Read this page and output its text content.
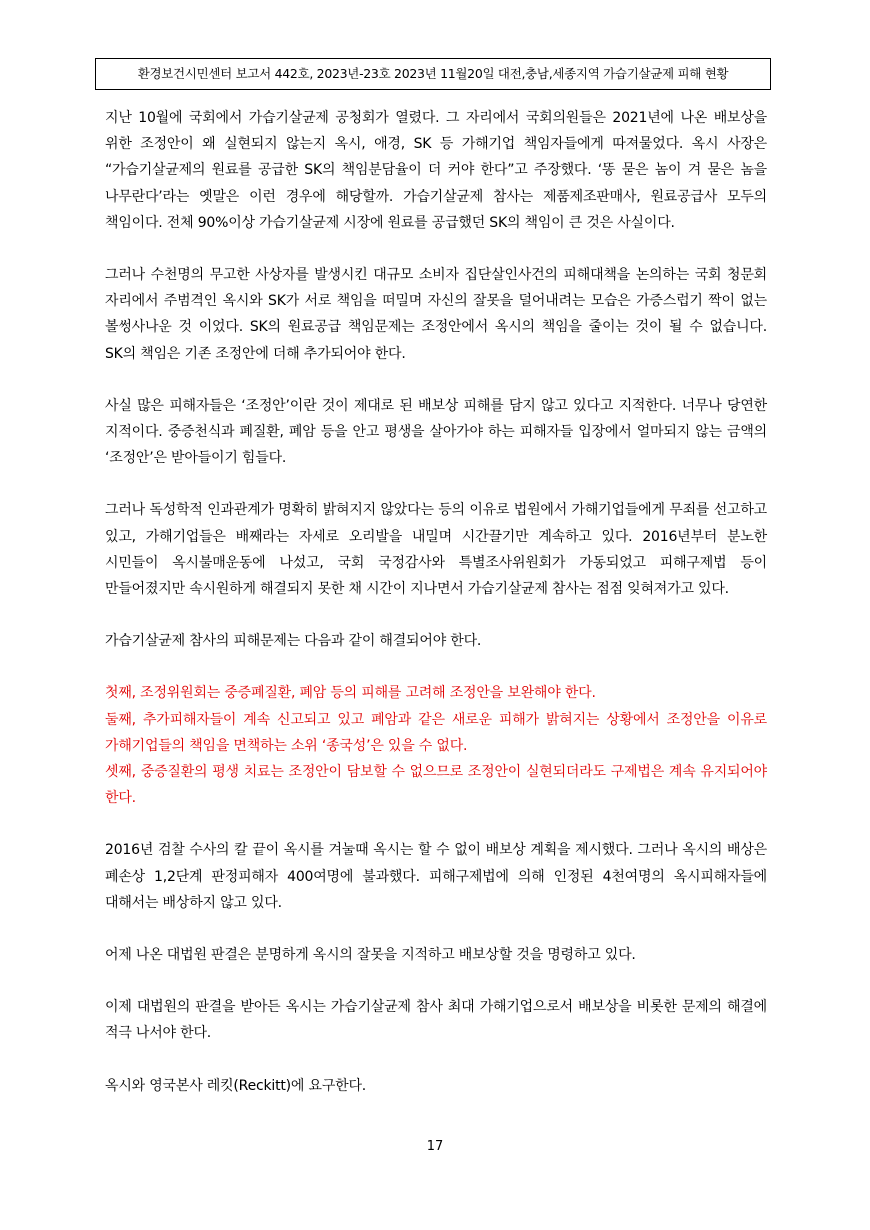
환경보건시민센터 보고서 442호, 2023년-23호 2023년 11월20일 대전,충남,세종지역 가습기살균제 피해 현황

지난 10월에 국회에서 가습기살균제 공청회가 열렸다. 그 자리에서 국회의원들은 2021년에 나온 배보상을 위한 조정안이 왜 실현되지 않는지 옥시, 애경, SK 등 가해기업 책임자들에게 따져물었다. 옥시 사장은 “가습기살균제의 원료를 공급한 SK의 책임분담율이 더 커야 한다”고 주장했다. ‘똥 묻은 놈이 겨 묻은 놈을 나무란다’라는 옛말은 이런 경우에 해당할까. 가습기살균제 참사는 제품제조판매사, 원료공급사 모두의 책임이다. 전체 90%이상 가습기살균제 시장에 원료를 공급했던 SK의 책임이 큰 것은 사실이다.

그러나 수천명의 무고한 사상자를 발생시킨 대규모 소비자 집단살인사건의 피해대책을 논의하는 국회 청문회 자리에서 주범격인 옥시와 SK가 서로 책임을 떠밀며 자신의 잘못을 덜어내려는 모습은 가증스럽기 짝이 없는 볼썽사나운 것 이었다. SK의 원료공급 책임문제는 조정안에서 옥시의 책임을 줄이는 것이 될 수 없습니다. SK의 책임은 기존 조정안에 더해 추가되어야 한다.

사실 많은 피해자들은 ‘조정안’이란 것이 제대로 된 배보상 피해를 담지 않고 있다고 지적한다. 너무나 당연한 지적이다. 중증천식과 폐질환, 폐암 등을 안고 평생을 살아가야 하는 피해자들 입장에서 얼마되지 않는 금액의 ‘조정안’은 받아들이기 힘들다.

그러나 독성학적 인과관계가 명확히 밝혀지지 않았다는 등의 이유로 법원에서 가해기업들에게 무죄를 선고하고 있고, 가해기업들은 배째라는 자세로 오리발을 내밀며 시간끌기만 계속하고 있다. 2016년부터 분노한 시민들이 옥시불매운동에 나섰고, 국회 국정감사와 특별조사위원회가 가동되었고 피해구제법 등이 만들어졌지만 속시원하게 해결되지 못한 채 시간이 지나면서 가습기살균제 참사는 점점 잊혀져가고 있다.

가습기살균제 참사의 피해문제는 다음과 같이 해결되어야 한다.

첫째, 조정위원회는 중증폐질환, 폐암 등의 피해를 고려해 조정안을 보완해야 한다.

둘째, 추가피해자들이 계속 신고되고 있고 폐암과 같은 새로운 피해가 밝혀지는 상황에서 조정안을 이유로 가해기업들의 책임을 면책하는 소위 ‘종국성’은 있을 수 없다.

셋째, 중증질환의 평생 치료는 조정안이 담보할 수 없으므로 조정안이 실현되더라도 구제법은 계속 유지되어야 한다.

2016년 검찰 수사의 칼 끝이 옥시를 겨눌때 옥시는 할 수 없이 배보상 계획을 제시했다. 그러나 옥시의 배상은 폐손상 1,2단계 판정피해자 400여명에 불과했다. 피해구제법에 의해 인정된 4천여명의 옥시피해자들에 대해서는 배상하지 않고 있다.

어제 나온 대법원 판결은 분명하게 옥시의 잘못을 지적하고 배보상할 것을 명령하고 있다.

이제 대법원의 판결을 받아든 옥시는 가습기살균제 참사 최대 가해기업으로서 배보상을 비롯한 문제의 해결에 적극 나서야 한다.

옥시와 영국본사 레킷(Reckitt)에 요구한다.

17
